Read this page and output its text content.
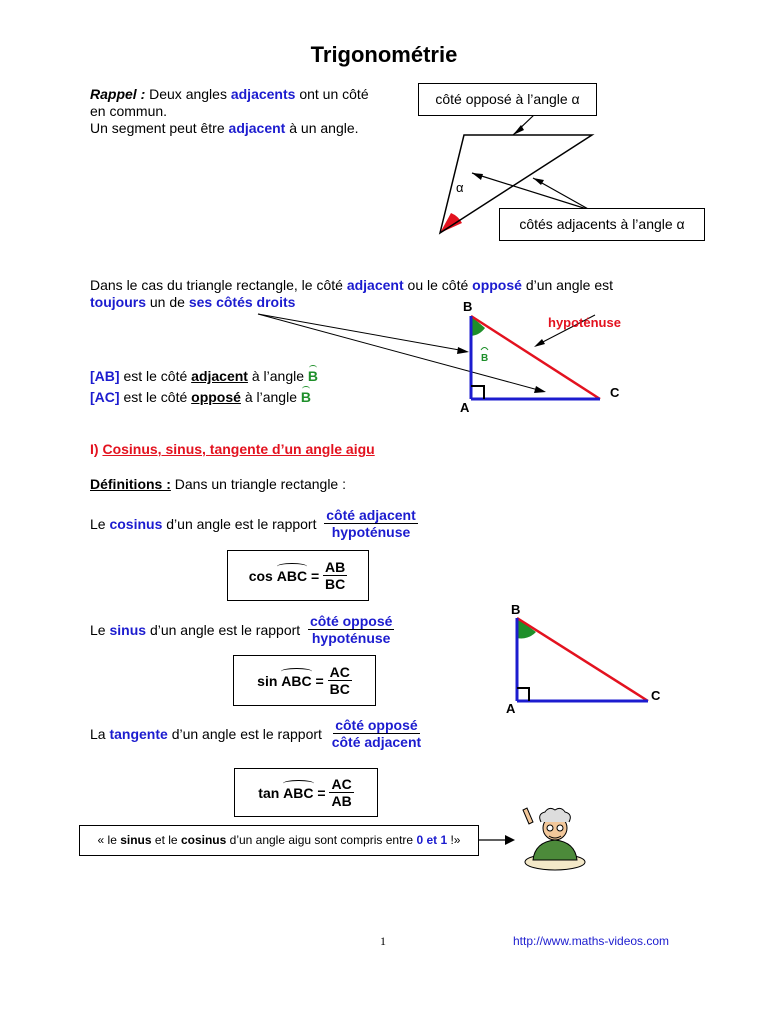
Trigonométrie
Rappel : Deux angles adjacents ont un côté
en commun.
Un segment peut être adjacent à un angle.
α
côté opposé à l’angle α
côtés adjacents à l’angle α
Dans le cas du triangle rectangle, le côté adjacent ou le côté opposé d’un angle est
toujours un de ses côtés droits
[AB] est le côté adjacent à l’angle B
[AC] est le côté opposé à l’angle B
B
A
C
hypoténuse
B
I) Cosinus, sinus, tangente d’un angle aigu
Définitions : Dans un triangle rectangle :
Le
cosinus
d’un angle est le rapport
$\frac{\text{côté adjacent}}{\text{hypoténuse}}$
cos
ABC
=
$\frac{AB}{BC}$
Le
sinus
d’un angle est le rapport
$\frac{\text{côté opposé}}{\text{hypoténuse}}$
sin
ABC
=
$\frac{AC}{BC}$
B
A
C
La
tangente
d’un angle est le rapport
$\frac{\text{côté opposé}}{\text{côté adjacent}}$
tan
ABC
=
$\frac{AC}{AB}$
« le sinus et le cosinus d’un angle aigu sont compris entre 0 et 1 !»
1	http://www.maths-videos.com
